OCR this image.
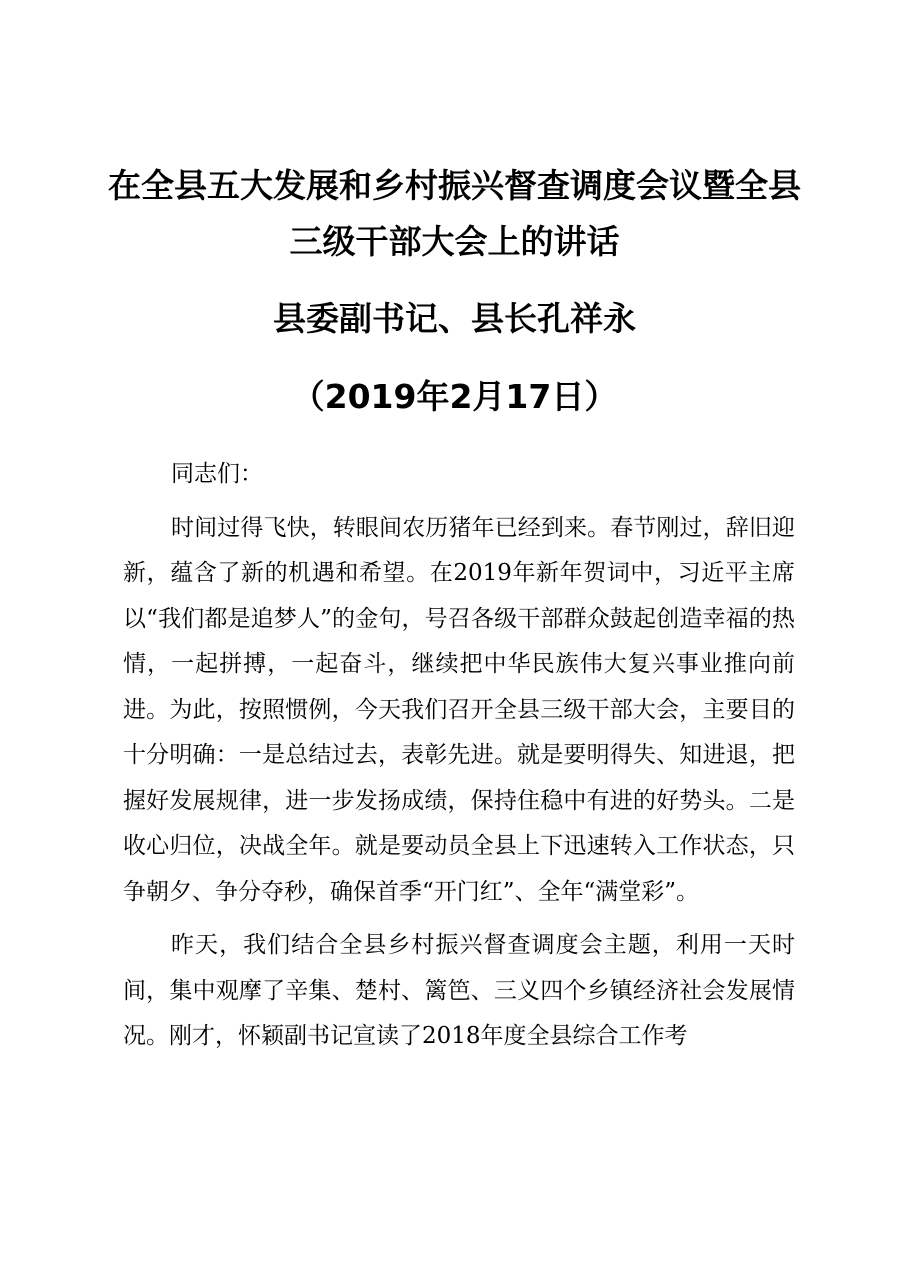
在全县五大发展和乡村振兴督查调度会议暨全县三级干部大会上的讲话
县委副书记、县长孔祥永
（2019年2月17日）

同志们：

时间过得飞快，转眼间农历猪年已经到来。春节刚过，辞旧迎新，蕴含了新的机遇和希望。在2019年新年贺词中，习近平主席以“我们都是追梦人”的金句，号召各级干部群众鼓起创造幸福的热情，一起拼搏，一起奋斗，继续把中华民族伟大复兴事业推向前进。为此，按照惯例，今天我们召开全县三级干部大会，主要目的十分明确：一是总结过去，表彰先进。就是要明得失、知进退，把握好发展规律，进一步发扬成绩，保持住稳中有进的好势头。二是收心归位，决战全年。就是要动员全县上下迅速转入工作状态，只争朝夕、争分夺秒，确保首季“开门红”、全年“满堂彩”。

昨天，我们结合全县乡村振兴督查调度会主题，利用一天时间，集中观摩了辛集、楚村、篱笆、三义四个乡镇经济社会发展情况。刚才，怀颖副书记宣读了2018年度全县综合工作考
